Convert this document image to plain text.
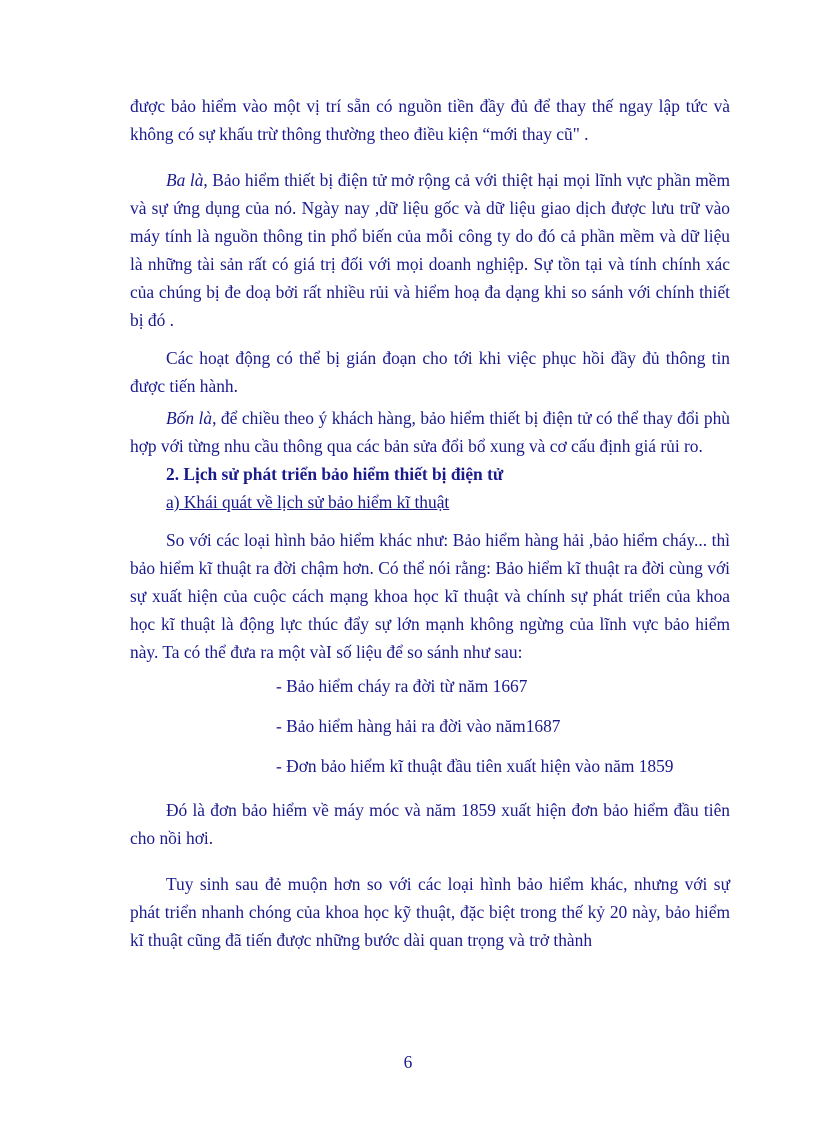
được bảo hiểm vào một vị trí sẵn có nguồn tiền đầy đủ để thay thế ngay lập tức và không có sự khấu trừ thông thường theo điều kiện “mới thay cũ" .

Ba là, Bảo hiểm thiết bị điện tử mở rộng cả với thiệt hại mọi lĩnh vực phần mềm và sự ứng dụng của nó. Ngày nay ,dữ liệu gốc và dữ liệu giao dịch được lưu trữ vào máy tính là nguồn thông tin phổ biến của mỗi công ty do đó cả phần mềm và dữ liệu là những tài sản rất có giá trị đối với mọi doanh nghiệp. Sự tồn tại và tính chính xác của chúng bị đe doạ bởi rất nhiều rủi và hiểm hoạ đa dạng khi so sánh với chính thiết bị đó .

Các hoạt động có thể bị gián đoạn cho tới khi việc phục hồi đầy đủ thông tin được tiến hành.

Bốn là, để chiều theo ý khách hàng, bảo hiểm thiết bị điện tử có thể thay đổi phù hợp với từng nhu cầu thông qua các bản sửa đổi bổ xung và cơ cấu định giá rủi ro.

2. Lịch sử phát triển bảo hiểm thiết bị điện tử

a) Khái quát về lịch sử bảo hiểm kĩ thuật

So với các loại hình bảo hiểm khác như: Bảo hiểm hàng hải ,bảo hiểm cháy... thì bảo hiểm kĩ thuật ra đời chậm hơn. Có thể nói rằng: Bảo hiểm kĩ thuật ra đời cùng với sự xuất hiện của cuộc cách mạng khoa học kĩ thuật và chính sự phát triển của khoa học kĩ thuật là động lực thúc đẩy sự lớn mạnh không ngừng của lĩnh vực bảo hiểm này. Ta có thể đưa ra một vàI số liệu để so sánh như sau:

- Bảo hiểm cháy ra đời từ năm 1667

- Bảo hiểm hàng hải ra đời vào năm1687

- Đơn bảo hiểm kĩ thuật đầu tiên xuất hiện vào năm 1859

Đó là đơn bảo hiểm về máy móc và năm 1859 xuất hiện đơn bảo hiểm đầu tiên cho nồi hơi.

Tuy sinh sau đẻ muộn hơn so với các loại hình bảo hiểm khác, nhưng với sự phát triển nhanh chóng của khoa học kỹ thuật, đặc biệt trong thế kỷ 20 này, bảo hiểm kĩ thuật cũng đã tiến được những bước dài quan trọng và trở thành

6
